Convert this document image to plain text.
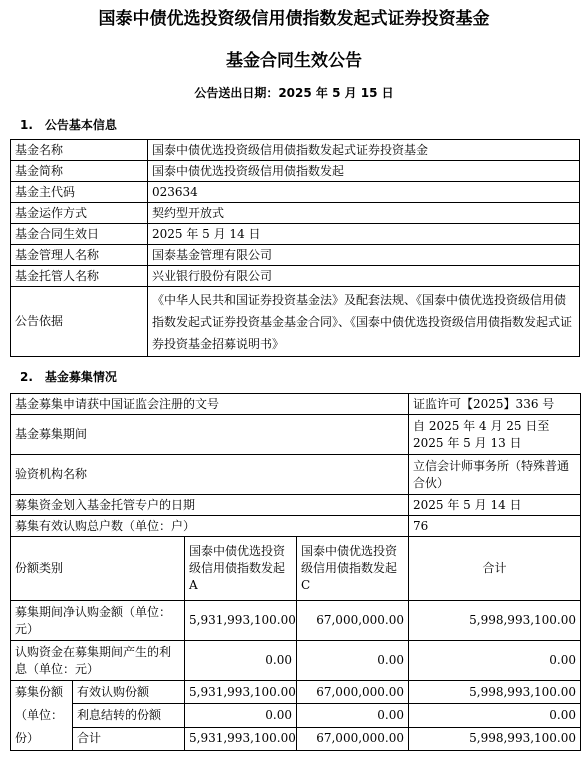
国泰中债优选投资级信用债指数发起式证券投资基金
基金合同生效公告
公告送出日期：2025 年 5 月 15 日
1.　公告基本信息
基金名称	国泰中债优选投资级信用债指数发起式证券投资基金
基金简称	国泰中债优选投资级信用债指数发起
基金主代码	023634
基金运作方式	契约型开放式
基金合同生效日	2025 年 5 月 14 日
基金管理人名称	国泰基金管理有限公司
基金托管人名称	兴业银行股份有限公司
公告依据	《中华人民共和国证券投资基金法》及配套法规、《国泰中债优选投资级信用债指数发起式证券投资基金基金合同》、《国泰中债优选投资级信用债指数发起式证券投资基金招募说明书》
2.　基金募集情况
基金募集申请获中国证监会注册的文号				证监许可【2025】336 号
基金募集期间				自 2025 年 4 月 25 日至 2025 年 5 月 13 日
验资机构名称				立信会计师事务所（特殊普通合伙）
募集资金划入基金托管专户的日期				2025 年 5 月 14 日
募集有效认购总户数（单位：户）				76
份额类别		国泰中债优选投资级信用债指数发起 A	国泰中债优选投资级信用债指数发起 C	合计
募集期间净认购金额（单位：元）		5,931,993,100.00	67,000,000.00	5,998,993,100.00
认购资金在募集期间产生的利息（单位：元）		0.00	0.00	0.00
募集份额（单位：份）	有效认购份额	5,931,993,100.00	67,000,000.00	5,998,993,100.00
	利息结转的份额	0.00	0.00	0.00
	合计	5,931,993,100.00	67,000,000.00	5,998,993,100.00
